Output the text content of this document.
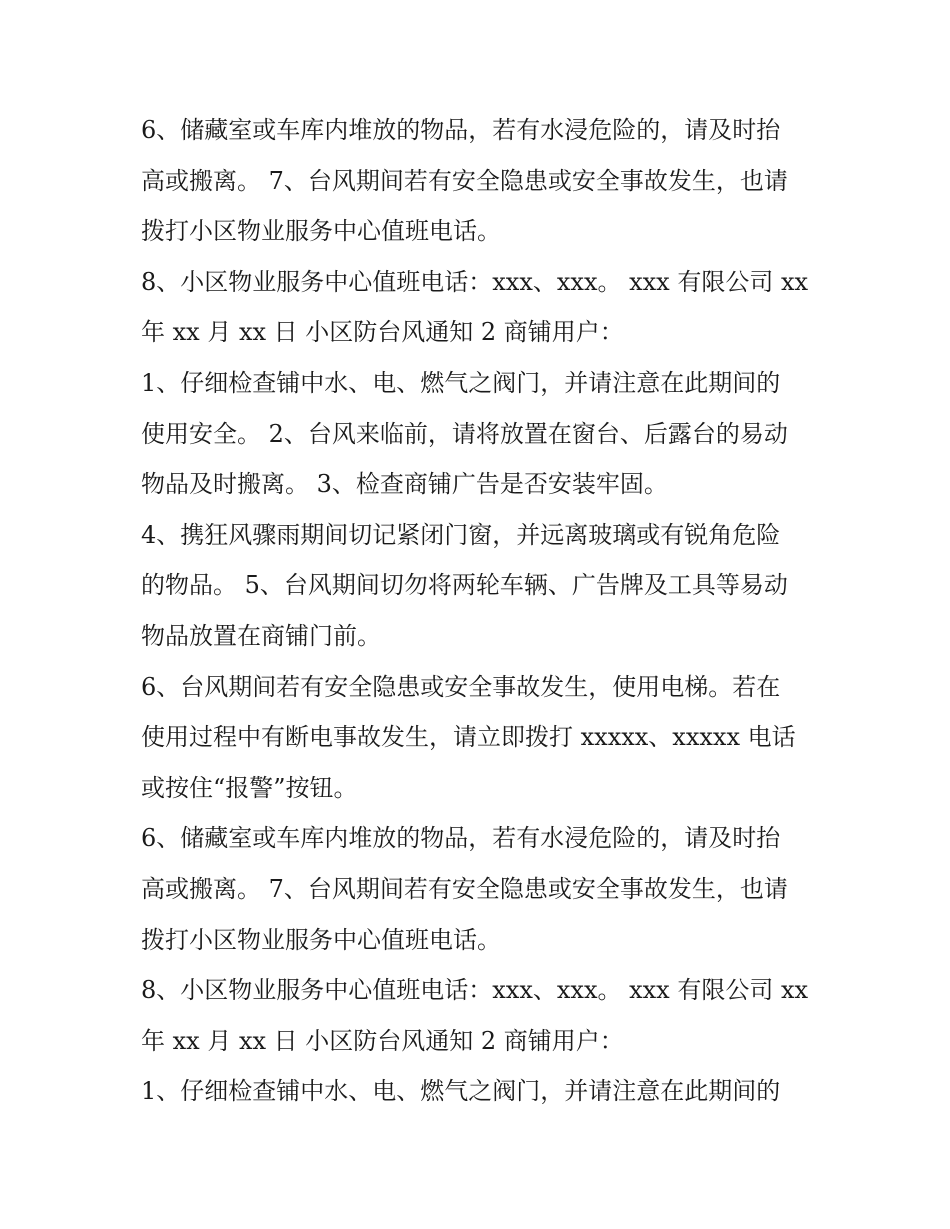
6、储藏室或车库内堆放的物品，若有水浸危险的，请及时抬
高或搬离。 7、台风期间若有安全隐患或安全事故发生，也请
拨打小区物业服务中心值班电话。
8、小区物业服务中心值班电话：xxx、xxx。 xxx 有限公司 xx
年 xx 月 xx 日 小区防台风通知 2 商铺用户：
1、仔细检查铺中水、电、燃气之阀门，并请注意在此期间的
使用安全。 2、台风来临前，请将放置在窗台、后露台的易动
物品及时搬离。 3、检查商铺广告是否安装牢固。
4、携狂风骤雨期间切记紧闭门窗，并远离玻璃或有锐角危险
的物品。 5、台风期间切勿将两轮车辆、广告牌及工具等易动
物品放置在商铺门前。
6、台风期间若有安全隐患或安全事故发生，使用电梯。若在
使用过程中有断电事故发生，请立即拨打 xxxxx、xxxxx 电话
或按住“报警”按钮。
6、储藏室或车库内堆放的物品，若有水浸危险的，请及时抬
高或搬离。 7、台风期间若有安全隐患或安全事故发生，也请
拨打小区物业服务中心值班电话。
8、小区物业服务中心值班电话：xxx、xxx。 xxx 有限公司 xx
年 xx 月 xx 日 小区防台风通知 2 商铺用户：
1、仔细检查铺中水、电、燃气之阀门，并请注意在此期间的
